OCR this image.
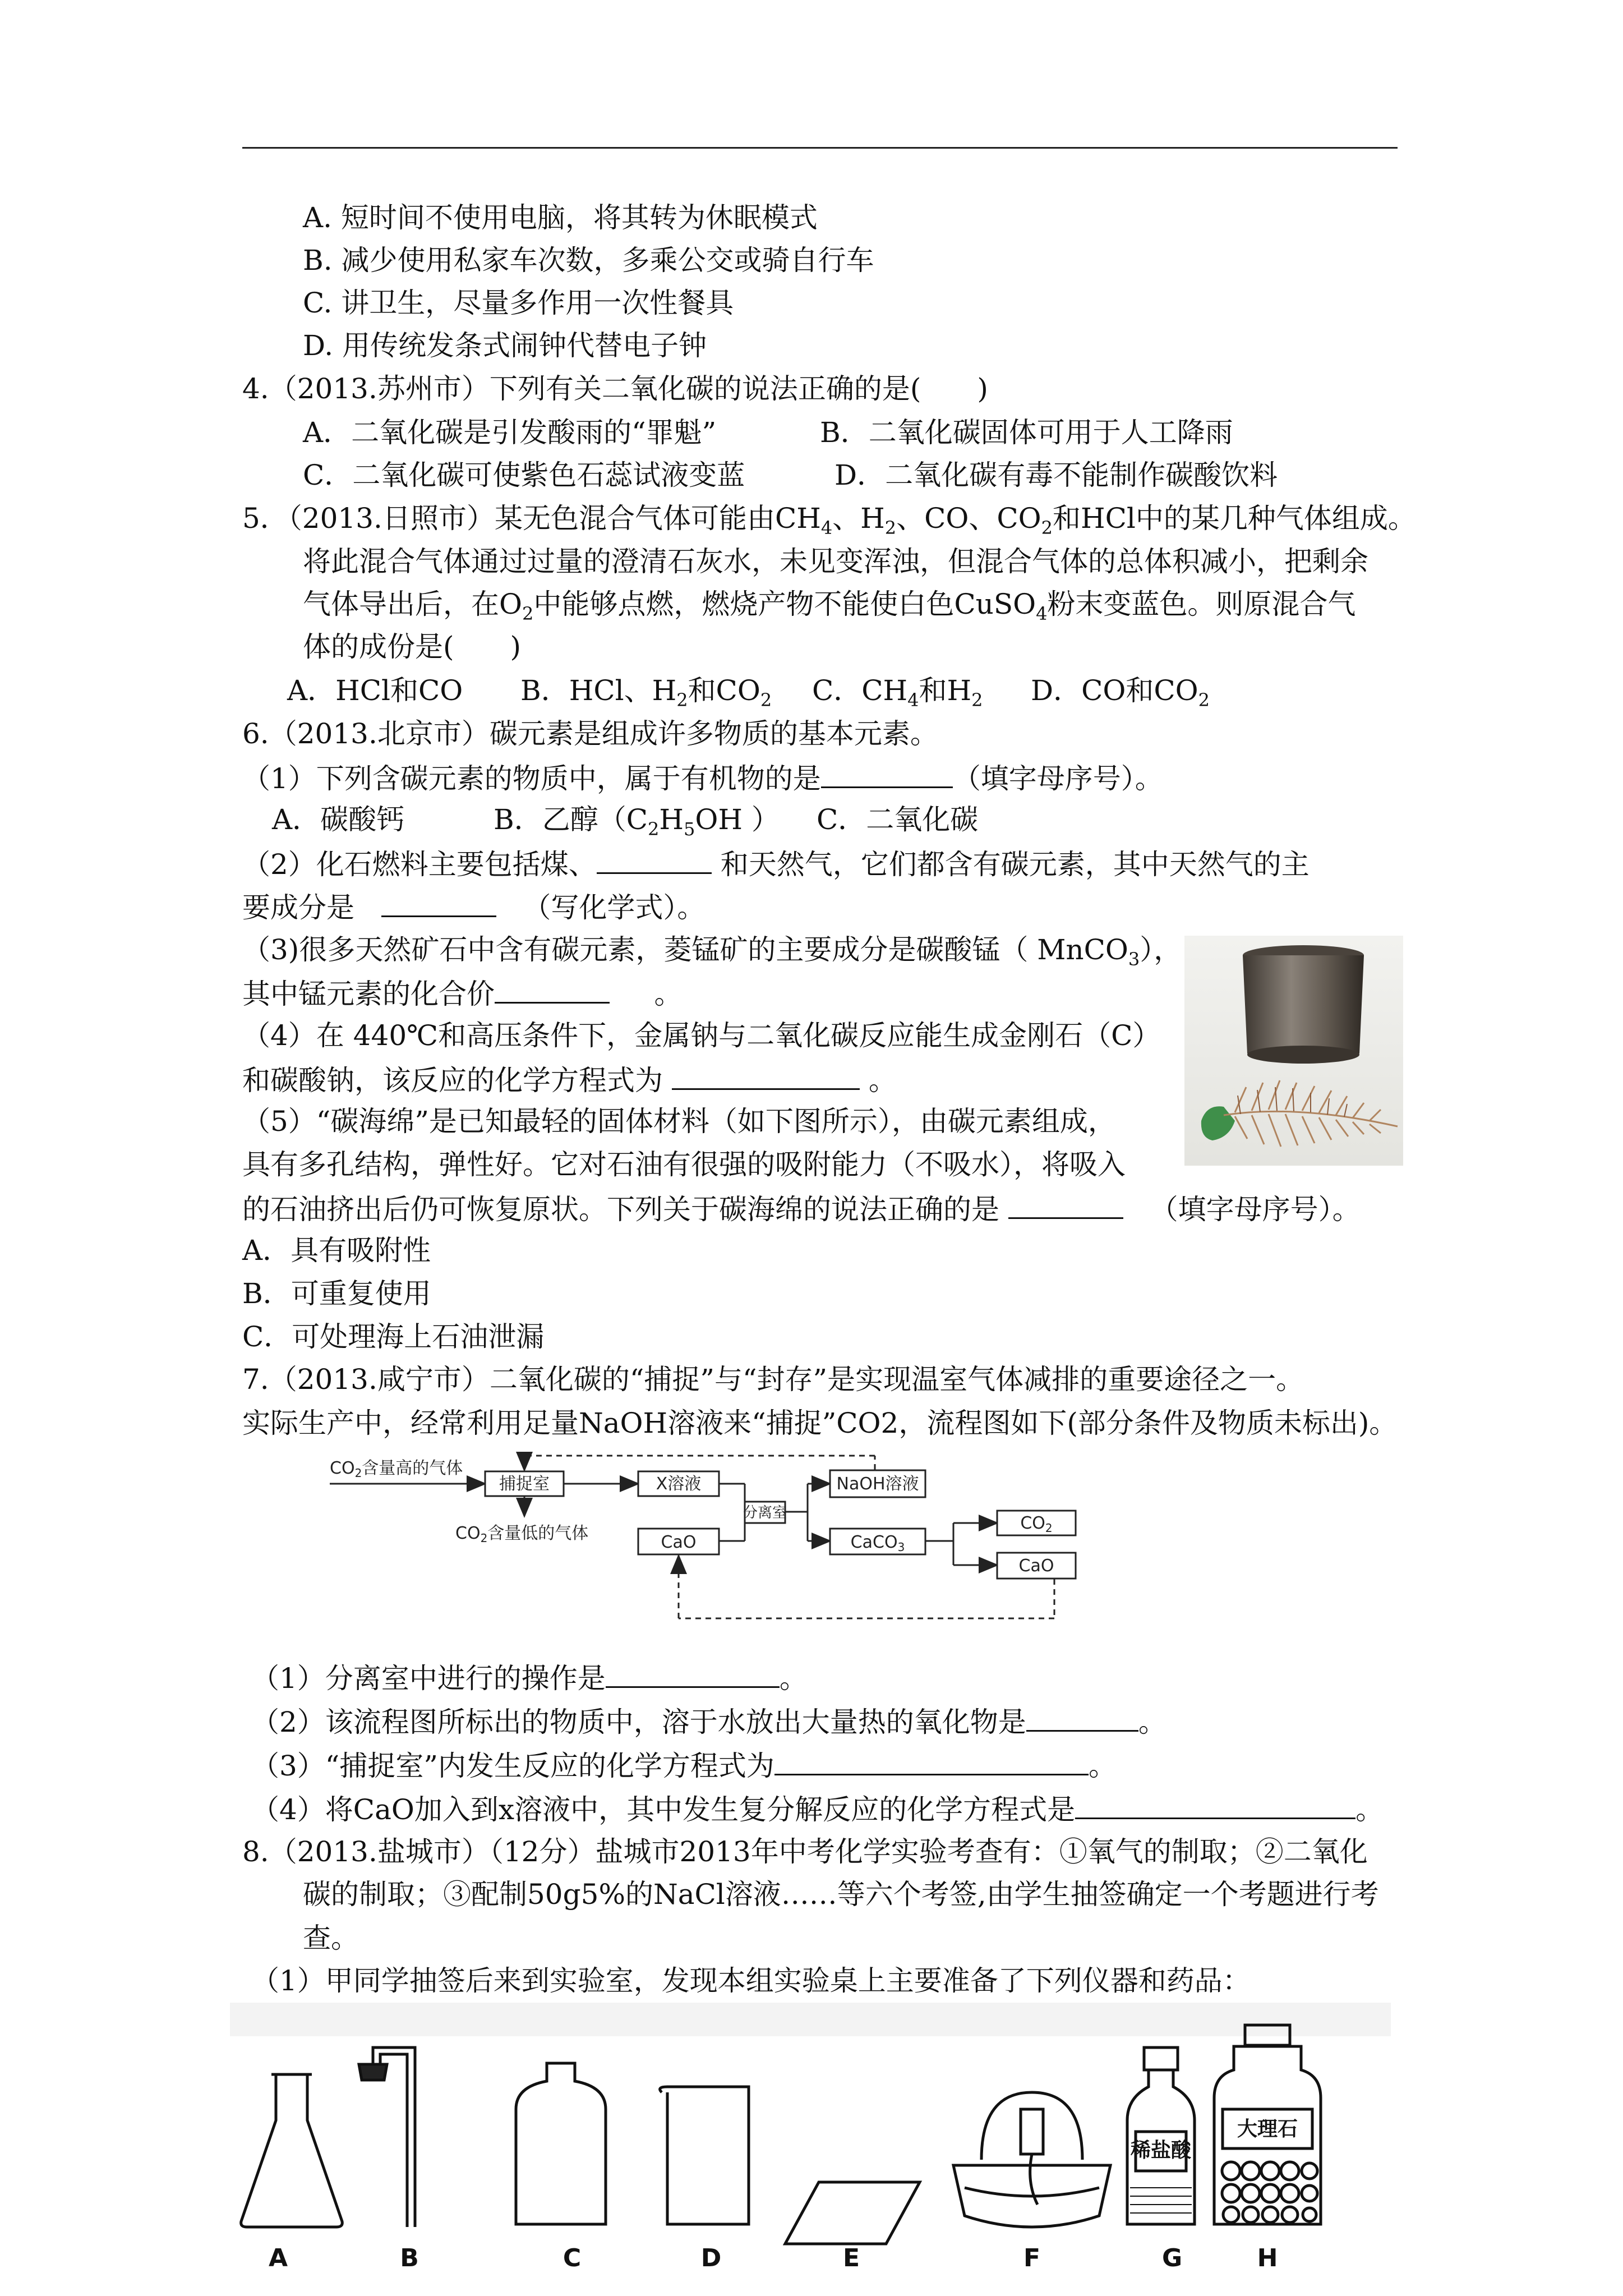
A. 短时间不使用电脑，将其转为休眠模式
B. 减少使用私家车次数，多乘公交或骑自行车
C. 讲卫生，尽量多作用一次性餐具
D. 用传统发条式闹钟代替电子钟
4.（2013.苏州市）下列有关二氧化碳的说法正确的是(　　)
A．二氧化碳是引发酸雨的“罪魁”	B．二氧化碳固体可用于人工降雨
C．二氧化碳可使紫色石蕊试液变蓝	D．二氧化碳有毒不能制作碳酸饮料
5．（2013.日照市）某无色混合气体可能由$CH_4$、$H_2$、CO、$CO_2$和HCl中的某几种气体组成。
将此混合气体通过过量的澄清石灰水，未见变浑浊，但混合气体的总体积减小，把剩余
气体导出后，在$O_2$中能够点燃，燃烧产物不能使白色CuSO$_4$粉末变蓝色。则原混合气
体的成份是(　　)
A．HCl和CO B．HCl、$H_2$和$CO_2$ C．$CH_4$和$H_2$ D．CO和$CO_2$
6.（2013.北京市）碳元素是组成许多物质的基本元素。
（1）下列含碳元素的物质中，属于有机物的是	（填字母序号）。
A．碳酸钙	B．乙醇（$C_2H_5OH$ ） C．二氧化碳
（2）化石燃料主要包括煤、	和天然气，它们都含有碳元素，其中天然气的主
要成分是	（写化学式）。
（3)很多天然矿石中含有碳元素，菱锰矿的主要成分是碳酸锰（ MnCO$_3$），
其中锰元素的化合价	。
（4）在 440℃和高压条件下，金属钠与二氧化碳反应能生成金刚石（C）
和碳酸钠，该反应的化学方程式为	。
（5）“碳海绵”是已知最轻的固体材料（如下图所示），由碳元素组成，
具有多孔结构，弹性好。它对石油有很强的吸附能力（不吸水），将吸入
的石油挤出后仍可恢复原状。下列关于碳海绵的说法正确的是	（填字母序号）。
A．具有吸附性
B．可重复使用
C．可处理海上石油泄漏
7.（2013.咸宁市）二氧化碳的“捕捉”与“封存”是实现温室气体减排的重要途径之一。
实际生产中，经常利用足量NaOH溶液来“捕捉”CO2，流程图如下(部分条件及物质未标出)。
$CO_2$含量高的气体
$CO_2$含量低的气体
捕捉室	X溶液	NaOH溶液
分离室
CaO	CaCO$_3$
$CO_2$
CaO
（1）分离室中进行的操作是	。
（2）该流程图所标出的物质中，溶于水放出大量热的氧化物是	。
（3）“捕捉室”内发生反应的化学方程式为	。
（4）将CaO加入到x溶液中，其中发生复分解反应的化学方程式是	。
8.（2013.盐城市）（12分）盐城市2013年中考化学实验考查有：①氧气的制取；②二氧化
碳的制取；③配制50g5%的NaCl溶液……等六个考签,由学生抽签确定一个考题进行考
查。
（1）甲同学抽签后来到实验室，发现本组实验桌上主要准备了下列仪器和药品：
稀盐酸
大理石
A	B	C	D	E	F	G	H
